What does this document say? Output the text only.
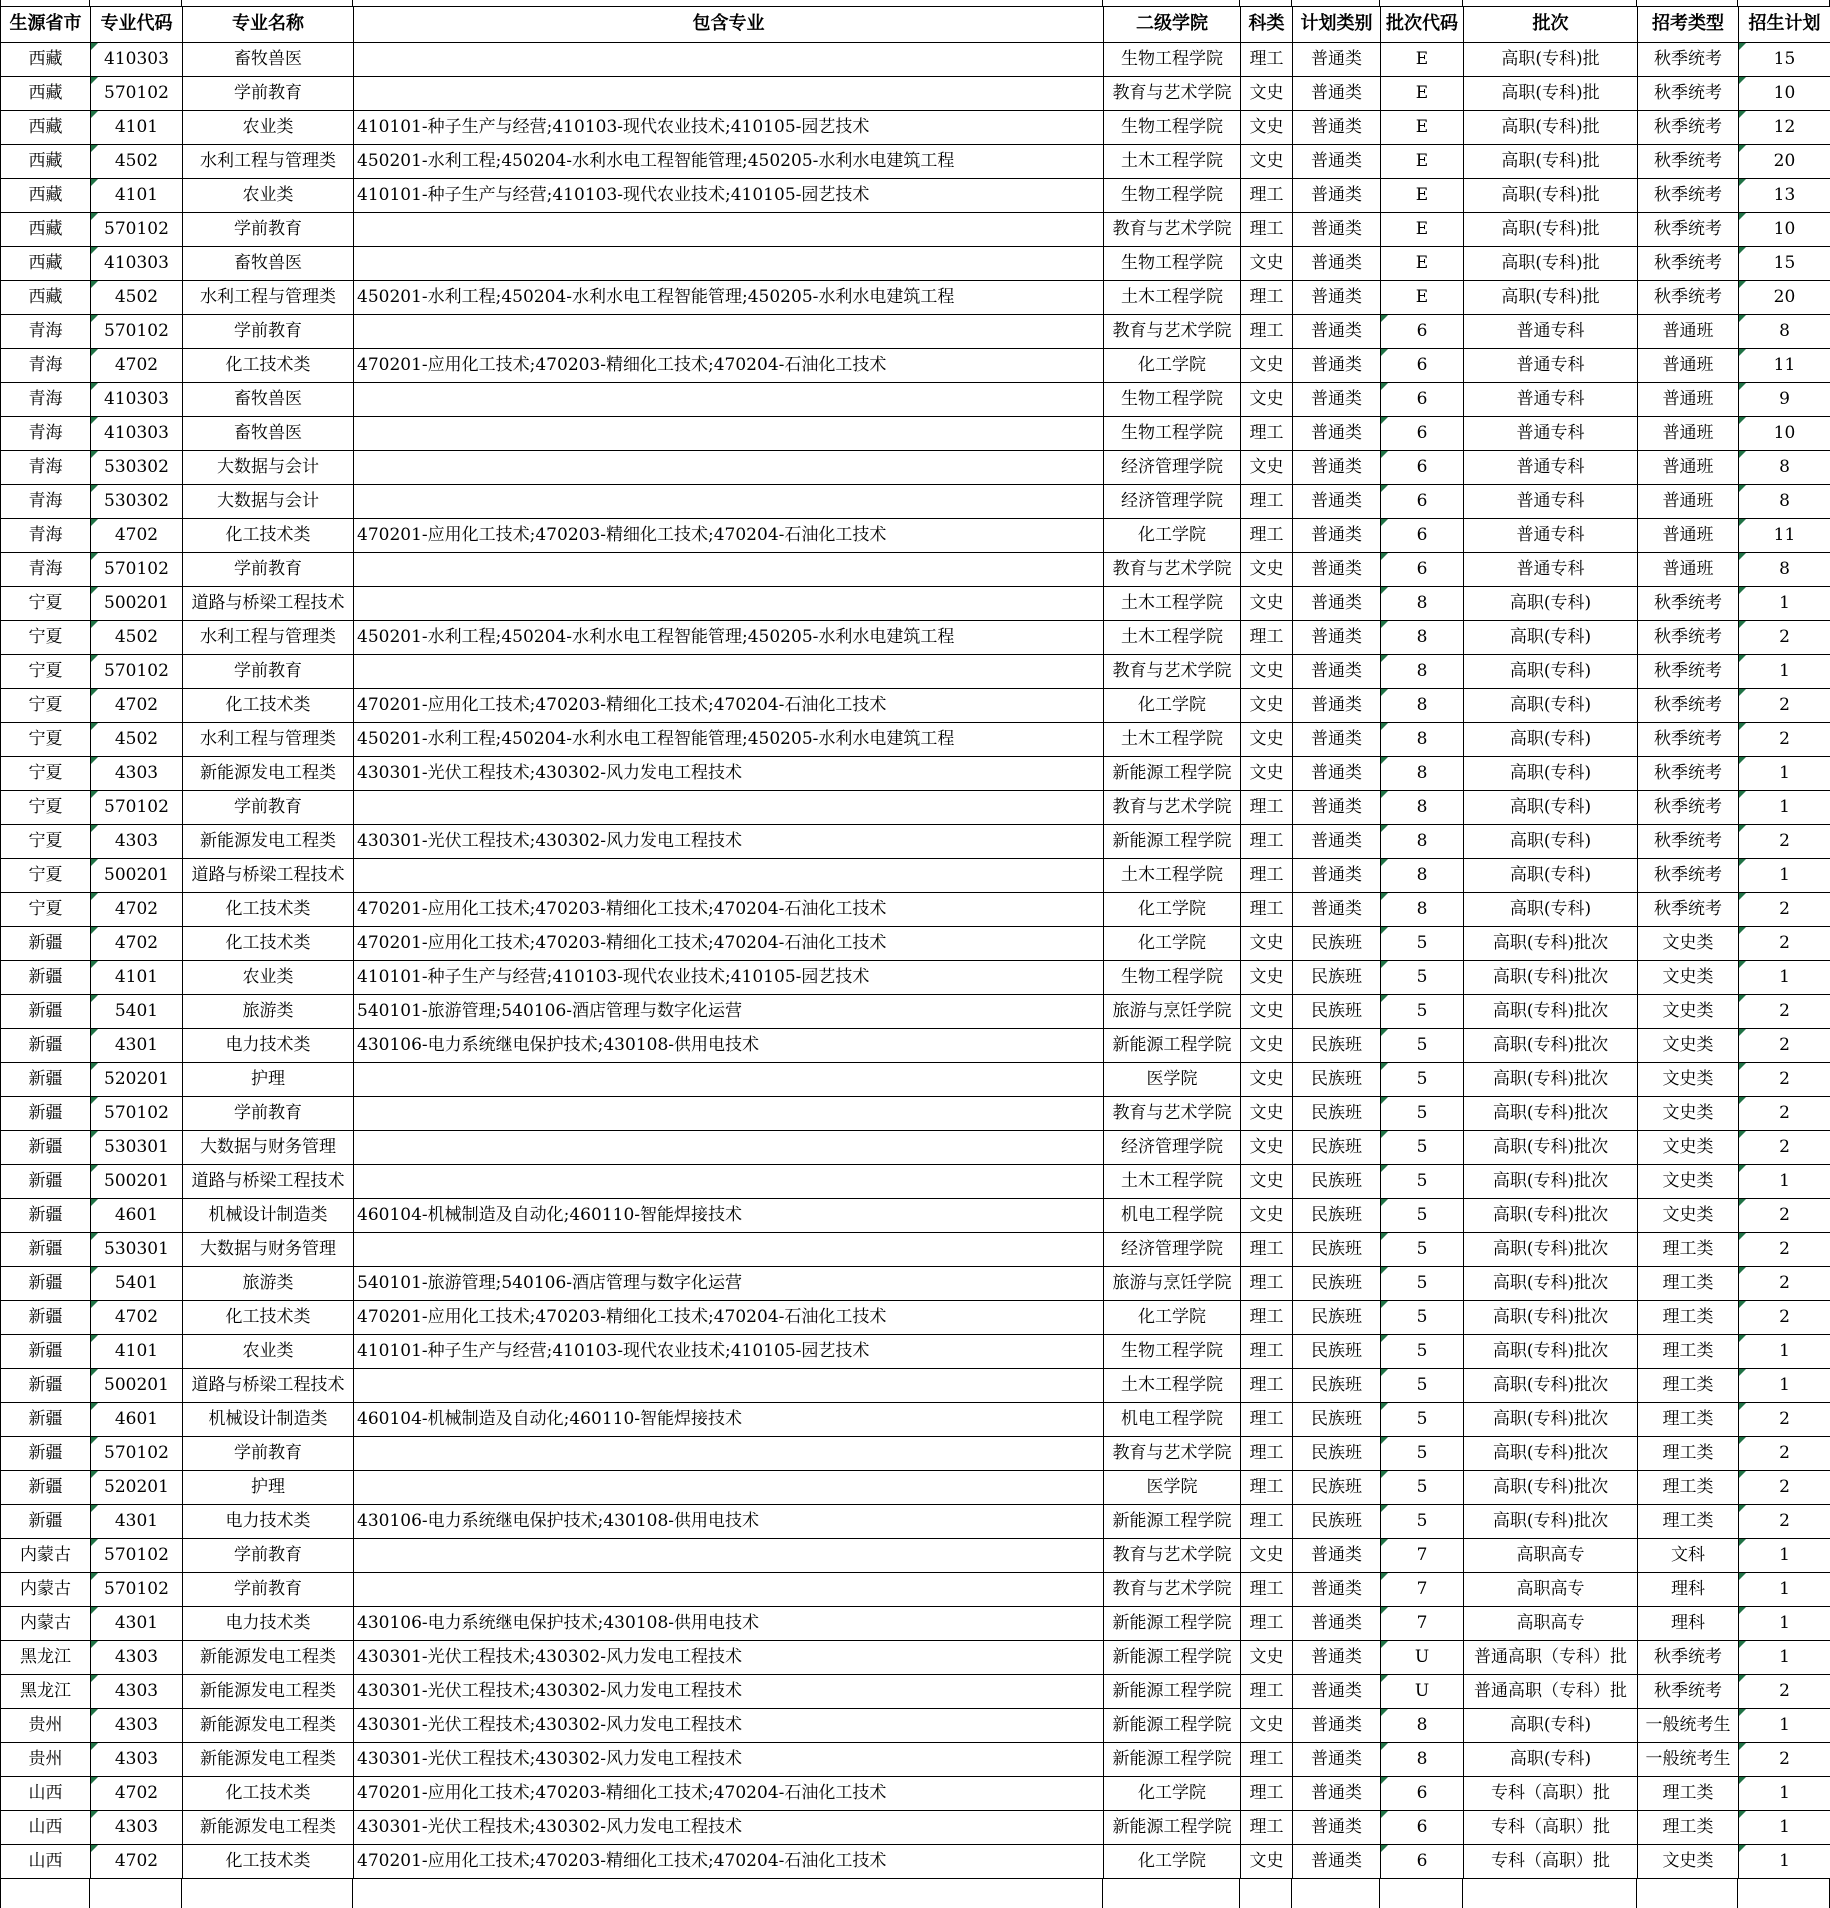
生源省市	专业代码	专业名称	包含专业	二级学院	科类	计划类别	批次代码	批次	招考类型	招生计划
西藏	410303	畜牧兽医		生物工程学院	理工	普通类	E	高职(专科)批	秋季统考	15

西藏	570102	学前教育		教育与艺术学院	文史	普通类	E	高职(专科)批	秋季统考	10

西藏	4101	农业类	410101-种子生产与经营;410103-现代农业技术;410105-园艺技术	生物工程学院	文史	普通类	E	高职(专科)批	秋季统考	12

西藏	4502	水利工程与管理类	450201-水利工程;450204-水利水电工程智能管理;450205-水利水电建筑工程	土木工程学院	文史	普通类	E	高职(专科)批	秋季统考	20

西藏	4101	农业类	410101-种子生产与经营;410103-现代农业技术;410105-园艺技术	生物工程学院	理工	普通类	E	高职(专科)批	秋季统考	13

西藏	570102	学前教育		教育与艺术学院	理工	普通类	E	高职(专科)批	秋季统考	10

西藏	410303	畜牧兽医		生物工程学院	文史	普通类	E	高职(专科)批	秋季统考	15

西藏	4502	水利工程与管理类	450201-水利工程;450204-水利水电工程智能管理;450205-水利水电建筑工程	土木工程学院	理工	普通类	E	高职(专科)批	秋季统考	20

青海	570102	学前教育		教育与艺术学院	理工	普通类	6	普通专科	普通班	8

青海	4702	化工技术类	470201-应用化工技术;470203-精细化工技术;470204-石油化工技术	化工学院	文史	普通类	6	普通专科	普通班	11

青海	410303	畜牧兽医		生物工程学院	文史	普通类	6	普通专科	普通班	9

青海	410303	畜牧兽医		生物工程学院	理工	普通类	6	普通专科	普通班	10

青海	530302	大数据与会计		经济管理学院	文史	普通类	6	普通专科	普通班	8

青海	530302	大数据与会计		经济管理学院	理工	普通类	6	普通专科	普通班	8

青海	4702	化工技术类	470201-应用化工技术;470203-精细化工技术;470204-石油化工技术	化工学院	理工	普通类	6	普通专科	普通班	11

青海	570102	学前教育		教育与艺术学院	文史	普通类	6	普通专科	普通班	8

宁夏	500201	道路与桥梁工程技术		土木工程学院	文史	普通类	8	高职(专科)	秋季统考	1

宁夏	4502	水利工程与管理类	450201-水利工程;450204-水利水电工程智能管理;450205-水利水电建筑工程	土木工程学院	理工	普通类	8	高职(专科)	秋季统考	2

宁夏	570102	学前教育		教育与艺术学院	文史	普通类	8	高职(专科)	秋季统考	1

宁夏	4702	化工技术类	470201-应用化工技术;470203-精细化工技术;470204-石油化工技术	化工学院	文史	普通类	8	高职(专科)	秋季统考	2

宁夏	4502	水利工程与管理类	450201-水利工程;450204-水利水电工程智能管理;450205-水利水电建筑工程	土木工程学院	文史	普通类	8	高职(专科)	秋季统考	2

宁夏	4303	新能源发电工程类	430301-光伏工程技术;430302-风力发电工程技术	新能源工程学院	文史	普通类	8	高职(专科)	秋季统考	1

宁夏	570102	学前教育		教育与艺术学院	理工	普通类	8	高职(专科)	秋季统考	1

宁夏	4303	新能源发电工程类	430301-光伏工程技术;430302-风力发电工程技术	新能源工程学院	理工	普通类	8	高职(专科)	秋季统考	2

宁夏	500201	道路与桥梁工程技术		土木工程学院	理工	普通类	8	高职(专科)	秋季统考	1

宁夏	4702	化工技术类	470201-应用化工技术;470203-精细化工技术;470204-石油化工技术	化工学院	理工	普通类	8	高职(专科)	秋季统考	2

新疆	4702	化工技术类	470201-应用化工技术;470203-精细化工技术;470204-石油化工技术	化工学院	文史	民族班	5	高职(专科)批次	文史类	2

新疆	4101	农业类	410101-种子生产与经营;410103-现代农业技术;410105-园艺技术	生物工程学院	文史	民族班	5	高职(专科)批次	文史类	1

新疆	5401	旅游类	540101-旅游管理;540106-酒店管理与数字化运营	旅游与烹饪学院	文史	民族班	5	高职(专科)批次	文史类	2

新疆	4301	电力技术类	430106-电力系统继电保护技术;430108-供用电技术	新能源工程学院	文史	民族班	5	高职(专科)批次	文史类	2

新疆	520201	护理		医学院	文史	民族班	5	高职(专科)批次	文史类	2

新疆	570102	学前教育		教育与艺术学院	文史	民族班	5	高职(专科)批次	文史类	2

新疆	530301	大数据与财务管理		经济管理学院	文史	民族班	5	高职(专科)批次	文史类	2

新疆	500201	道路与桥梁工程技术		土木工程学院	文史	民族班	5	高职(专科)批次	文史类	1

新疆	4601	机械设计制造类	460104-机械制造及自动化;460110-智能焊接技术	机电工程学院	文史	民族班	5	高职(专科)批次	文史类	2

新疆	530301	大数据与财务管理		经济管理学院	理工	民族班	5	高职(专科)批次	理工类	2

新疆	5401	旅游类	540101-旅游管理;540106-酒店管理与数字化运营	旅游与烹饪学院	理工	民族班	5	高职(专科)批次	理工类	2

新疆	4702	化工技术类	470201-应用化工技术;470203-精细化工技术;470204-石油化工技术	化工学院	理工	民族班	5	高职(专科)批次	理工类	2

新疆	4101	农业类	410101-种子生产与经营;410103-现代农业技术;410105-园艺技术	生物工程学院	理工	民族班	5	高职(专科)批次	理工类	1

新疆	500201	道路与桥梁工程技术		土木工程学院	理工	民族班	5	高职(专科)批次	理工类	1

新疆	4601	机械设计制造类	460104-机械制造及自动化;460110-智能焊接技术	机电工程学院	理工	民族班	5	高职(专科)批次	理工类	2

新疆	570102	学前教育		教育与艺术学院	理工	民族班	5	高职(专科)批次	理工类	2

新疆	520201	护理		医学院	理工	民族班	5	高职(专科)批次	理工类	2

新疆	4301	电力技术类	430106-电力系统继电保护技术;430108-供用电技术	新能源工程学院	理工	民族班	5	高职(专科)批次	理工类	2

内蒙古	570102	学前教育		教育与艺术学院	文史	普通类	7	高职高专	文科	1

内蒙古	570102	学前教育		教育与艺术学院	理工	普通类	7	高职高专	理科	1

内蒙古	4301	电力技术类	430106-电力系统继电保护技术;430108-供用电技术	新能源工程学院	理工	普通类	7	高职高专	理科	1

黑龙江	4303	新能源发电工程类	430301-光伏工程技术;430302-风力发电工程技术	新能源工程学院	文史	普通类	U	普通高职（专科）批	秋季统考	1

黑龙江	4303	新能源发电工程类	430301-光伏工程技术;430302-风力发电工程技术	新能源工程学院	理工	普通类	U	普通高职（专科）批	秋季统考	2

贵州	4303	新能源发电工程类	430301-光伏工程技术;430302-风力发电工程技术	新能源工程学院	文史	普通类	8	高职(专科)	一般统考生	1

贵州	4303	新能源发电工程类	430301-光伏工程技术;430302-风力发电工程技术	新能源工程学院	理工	普通类	8	高职(专科)	一般统考生	2

山西	4702	化工技术类	470201-应用化工技术;470203-精细化工技术;470204-石油化工技术	化工学院	理工	普通类	6	专科（高职）批	理工类	1

山西	4303	新能源发电工程类	430301-光伏工程技术;430302-风力发电工程技术	新能源工程学院	理工	普通类	6	专科（高职）批	理工类	1

山西	4702	化工技术类	470201-应用化工技术;470203-精细化工技术;470204-石油化工技术	化工学院	文史	普通类	6	专科（高职）批	文史类	1
